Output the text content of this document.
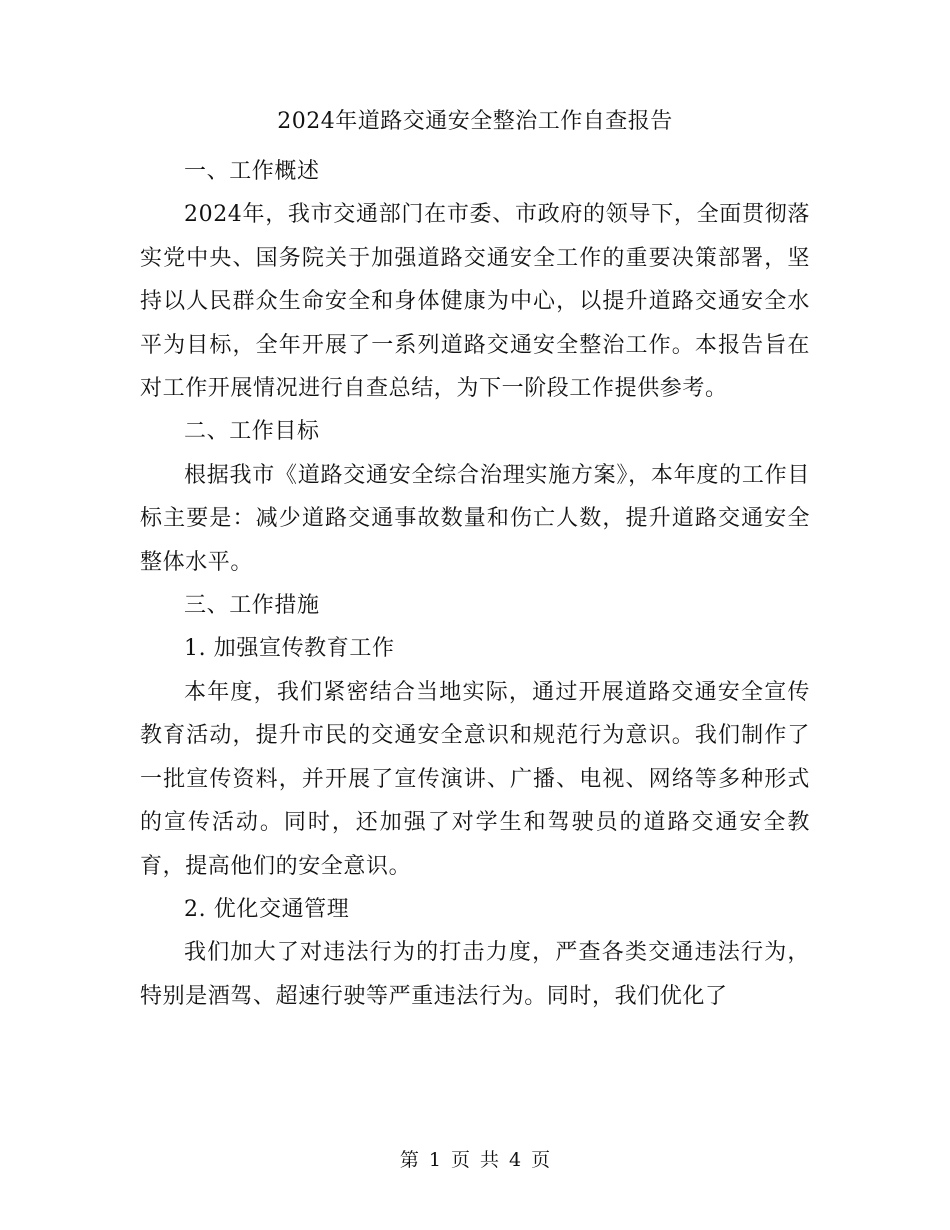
2024年道路交通安全整治工作自查报告

一、工作概述

2024年，我市交通部门在市委、市政府的领导下，全面贯彻落实党中央、国务院关于加强道路交通安全工作的重要决策部署，坚持以人民群众生命安全和身体健康为中心，以提升道路交通安全水平为目标，全年开展了一系列道路交通安全整治工作。本报告旨在对工作开展情况进行自查总结，为下一阶段工作提供参考。

二、工作目标

根据我市《道路交通安全综合治理实施方案》，本年度的工作目标主要是：减少道路交通事故数量和伤亡人数，提升道路交通安全整体水平。

三、工作措施

1. 加强宣传教育工作

本年度，我们紧密结合当地实际，通过开展道路交通安全宣传教育活动，提升市民的交通安全意识和规范行为意识。我们制作了一批宣传资料，并开展了宣传演讲、广播、电视、网络等多种形式的宣传活动。同时，还加强了对学生和驾驶员的道路交通安全教育，提高他们的安全意识。

2. 优化交通管理

我们加大了对违法行为的打击力度，严查各类交通违法行为，特别是酒驾、超速行驶等严重违法行为。同时，我们优化了

第 1 页 共 4 页
